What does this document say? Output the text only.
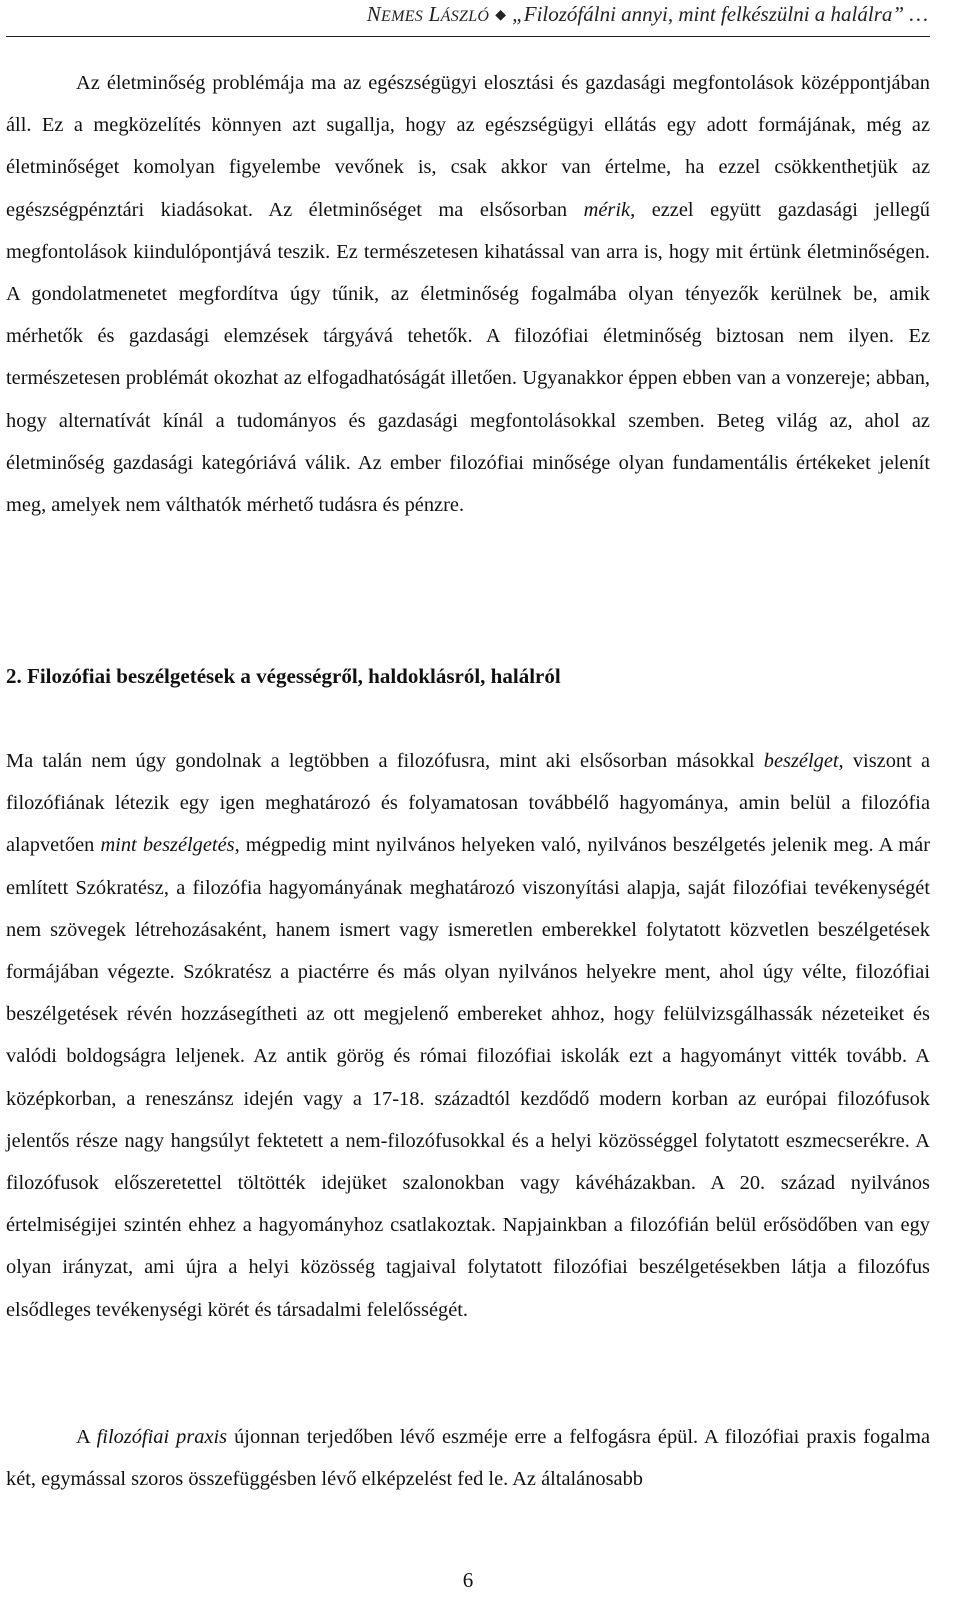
NEMES LÁSZLÓ ◆ „Filozófálni annyi, mint felkészülni a halálra” …

Az életminőség problémája ma az egészségügyi elosztási és gazdasági megfontolások középpontjában áll. Ez a megközelítés könnyen azt sugallja, hogy az egészségügyi ellátás egy adott formájának, még az életminőséget komolyan figyelembe vevőnek is, csak akkor van értelme, ha ezzel csökkenthetjük az egészségpénztári kiadásokat. Az életminőséget ma elsősorban mérik, ezzel együtt gazdasági jellegű megfontolások kiindulópontjává teszik. Ez természetesen kihatással van arra is, hogy mit értünk életminőségen. A gondolatmenetet megfordítva úgy tűnik, az életminőség fogalmába olyan tényezők kerülnek be, amik mérhetők és gazdasági elemzések tárgyává tehetők. A filozófiai életminőség biztosan nem ilyen. Ez természetesen problémát okozhat az elfogadhatóságát illetően. Ugyanakkor éppen ebben van a vonzereje; abban, hogy alternatívát kínál a tudományos és gazdasági megfontolásokkal szemben. Beteg világ az, ahol az életminőség gazdasági kategóriává válik. Az ember filozófiai minősége olyan fundamentális értékeket jelenít meg, amelyek nem válthatók mérhető tudásra és pénzre.

2. Filozófiai beszélgetések a végességről, haldoklásról, halálról

Ma talán nem úgy gondolnak a legtöbben a filozófusra, mint aki elsősorban másokkal beszélget, viszont a filozófiának létezik egy igen meghatározó és folyamatosan továbbélő hagyománya, amin belül a filozófia alapvetően mint beszélgetés, mégpedig mint nyilvános helyeken való, nyilvános beszélgetés jelenik meg. A már említett Szókratész, a filozófia hagyományának meghatározó viszonyítási alapja, saját filozófiai tevékenységét nem szövegek létrehozásaként, hanem ismert vagy ismeretlen emberekkel folytatott közvetlen beszélgetések formájában végezte. Szókratész a piactérre és más olyan nyilvános helyekre ment, ahol úgy vélte, filozófiai beszélgetések révén hozzásegítheti az ott megjelenő embereket ahhoz, hogy felülvizsgálhassák nézeteiket és valódi boldogságra leljenek. Az antik görög és római filozófiai iskolák ezt a hagyományt vitték tovább. A középkorban, a reneszánsz idején vagy a 17-18. századtól kezdődő modern korban az európai filozófusok jelentős része nagy hangsúlyt fektetett a nem-filozófusokkal és a helyi közösséggel folytatott eszmecserékre. A filozófusok előszeretettel töltötték idejüket szalonokban vagy kávéházakban. A 20. század nyilvános értelmiségijei szintén ehhez a hagyományhoz csatlakoztak. Napjainkban a filozófián belül erősödőben van egy olyan irányzat, ami újra a helyi közösség tagjaival folytatott filozófiai beszélgetésekben látja a filozófus elsődleges tevékenységi körét és társadalmi felelősségét.

A filozófiai praxis újonnan terjedőben lévő eszméje erre a felfogásra épül. A filozófiai praxis fogalma két, egymással szoros összefüggésben lévő elképzelést fed le. Az általánosabb

6
